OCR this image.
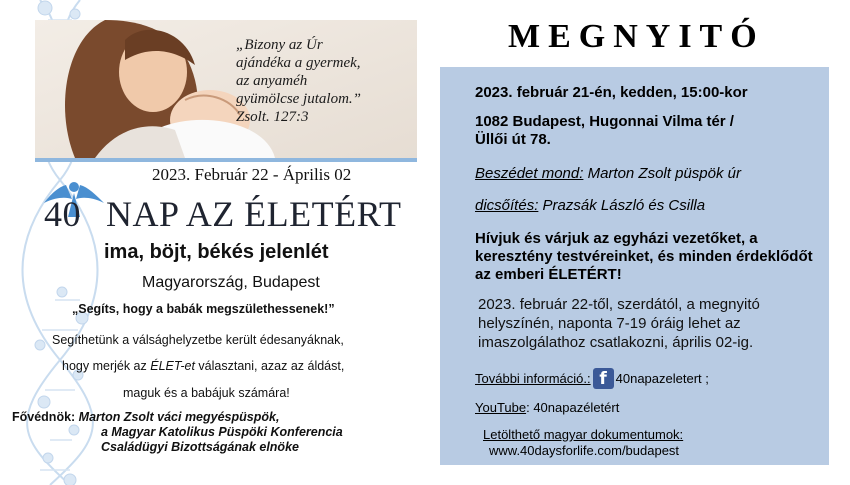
„Bizony az Úr
ajándéka a gyermek,
az anyaméh
gyümölcse jutalom.”
Zsolt. 127:3
2023. Február 22 - Április 02
40 NAP AZ ÉLETÉRT
ima, böjt, békés jelenlét
Magyarország, Budapest
„Segíts, hogy a babák megszülethessenek!”
Segíthetünk a válsághelyzetbe került édesanyáknak,
hogy merjék az ÉLET-et választani, azaz az áldást,
maguk és a babájuk számára!
Fővédnök: Marton Zsolt váci megyéspüspök,
a Magyar Katolikus Püspöki Konferencia
Családügyi Bizottságának elnöke
MEGNYITÓ
2023. február 21-én, kedden, 15:00-kor
1082 Budapest, Hugonnai Vilma tér /
Üllői út 78.
Beszédet mond: Marton Zsolt püspök úr
dicsőítés: Prazsák László és Csilla
Hívjuk és várjuk az egyházi vezetőket, a keresztény testvéreinket, és minden érdeklődőt az emberi ÉLETÉRT!
2023. február 22-től, szerdától, a megnyitó helyszínén, naponta 7-19 óráig lehet az imaszolgálathoz csatlakozni, április 02-ig.
További információ.: f 40napazeletert ;
YouTube: 40napazéletért
Letölthető magyar dokumentumok:
www.40daysforlife.com/budapest
